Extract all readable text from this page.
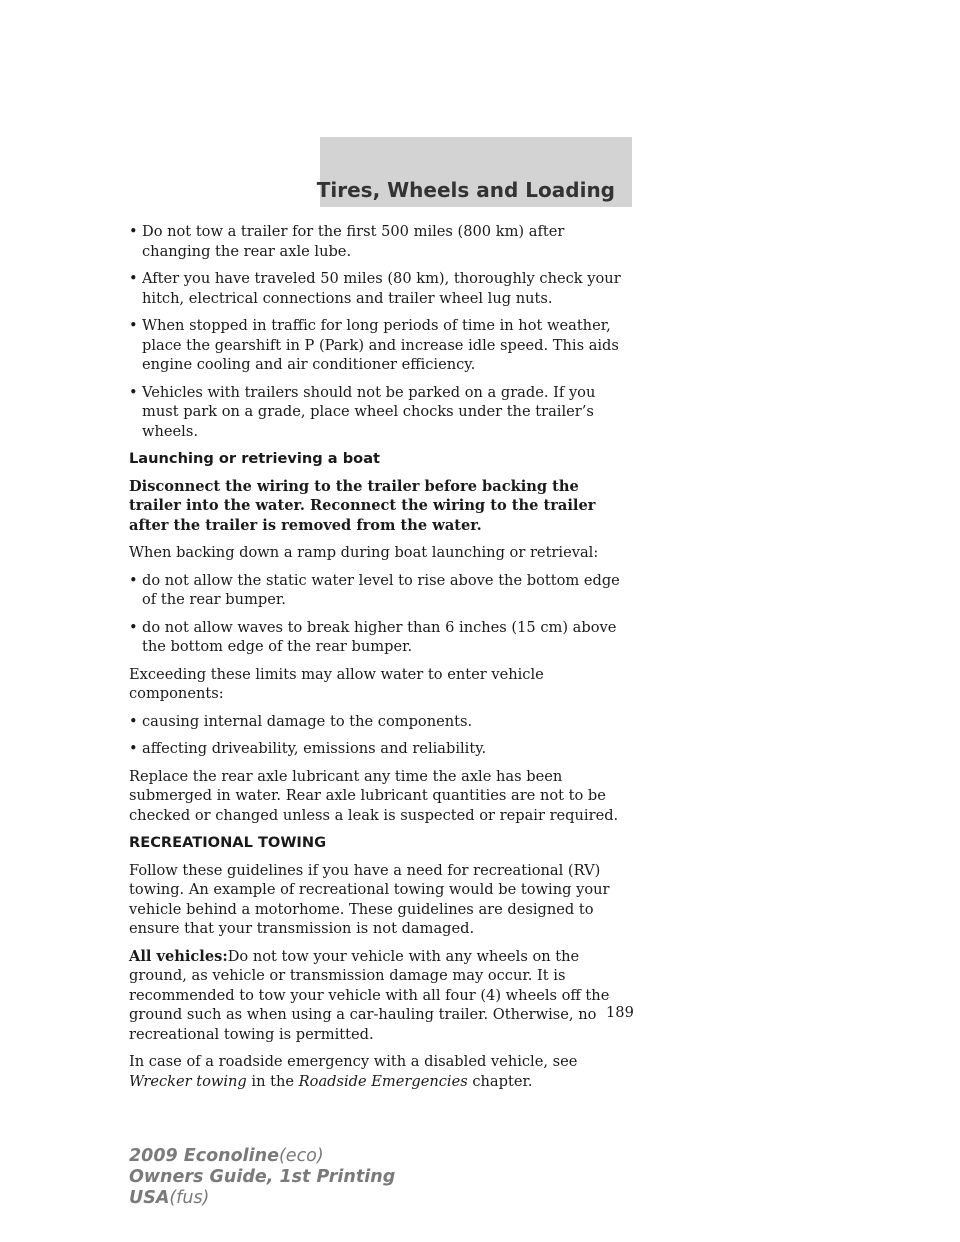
Tires, Wheels and Loading
• Do not tow a trailer for the first 500 miles (800 km) after changing the rear axle lube.
• After you have traveled 50 miles (80 km), thoroughly check your hitch, electrical connections and trailer wheel lug nuts.
• When stopped in traffic for long periods of time in hot weather, place the gearshift in P (Park) and increase idle speed. This aids engine cooling and air conditioner efficiency.
• Vehicles with trailers should not be parked on a grade. If you must park on a grade, place wheel chocks under the trailer’s wheels.
Launching or retrieving a boat

Disconnect the wiring to the trailer before backing the trailer into the water. Reconnect the wiring to the trailer after the trailer is removed from the water.

When backing down a ramp during boat launching or retrieval:

• do not allow the static water level to rise above the bottom edge of the rear bumper.
• do not allow waves to break higher than 6 inches (15 cm) above the bottom edge of the rear bumper.

Exceeding these limits may allow water to enter vehicle components:

• causing internal damage to the components.
• affecting driveability, emissions and reliability.

Replace the rear axle lubricant any time the axle has been submerged in water. Rear axle lubricant quantities are not to be checked or changed unless a leak is suspected or repair required.

RECREATIONAL TOWING

Follow these guidelines if you have a need for recreational (RV) towing. An example of recreational towing would be towing your vehicle behind a motorhome. These guidelines are designed to ensure that your transmission is not damaged.

All vehicles:Do not tow your vehicle with any wheels on the ground, as vehicle or transmission damage may occur. It is recommended to tow your vehicle with all four (4) wheels off the ground such as when using a car-hauling trailer. Otherwise, no recreational towing is permitted.

In case of a roadside emergency with a disabled vehicle, see Wrecker towing in the Roadside Emergencies chapter.

189
2009 Econoline(eco)
Owners Guide, 1st Printing
USA(fus)
